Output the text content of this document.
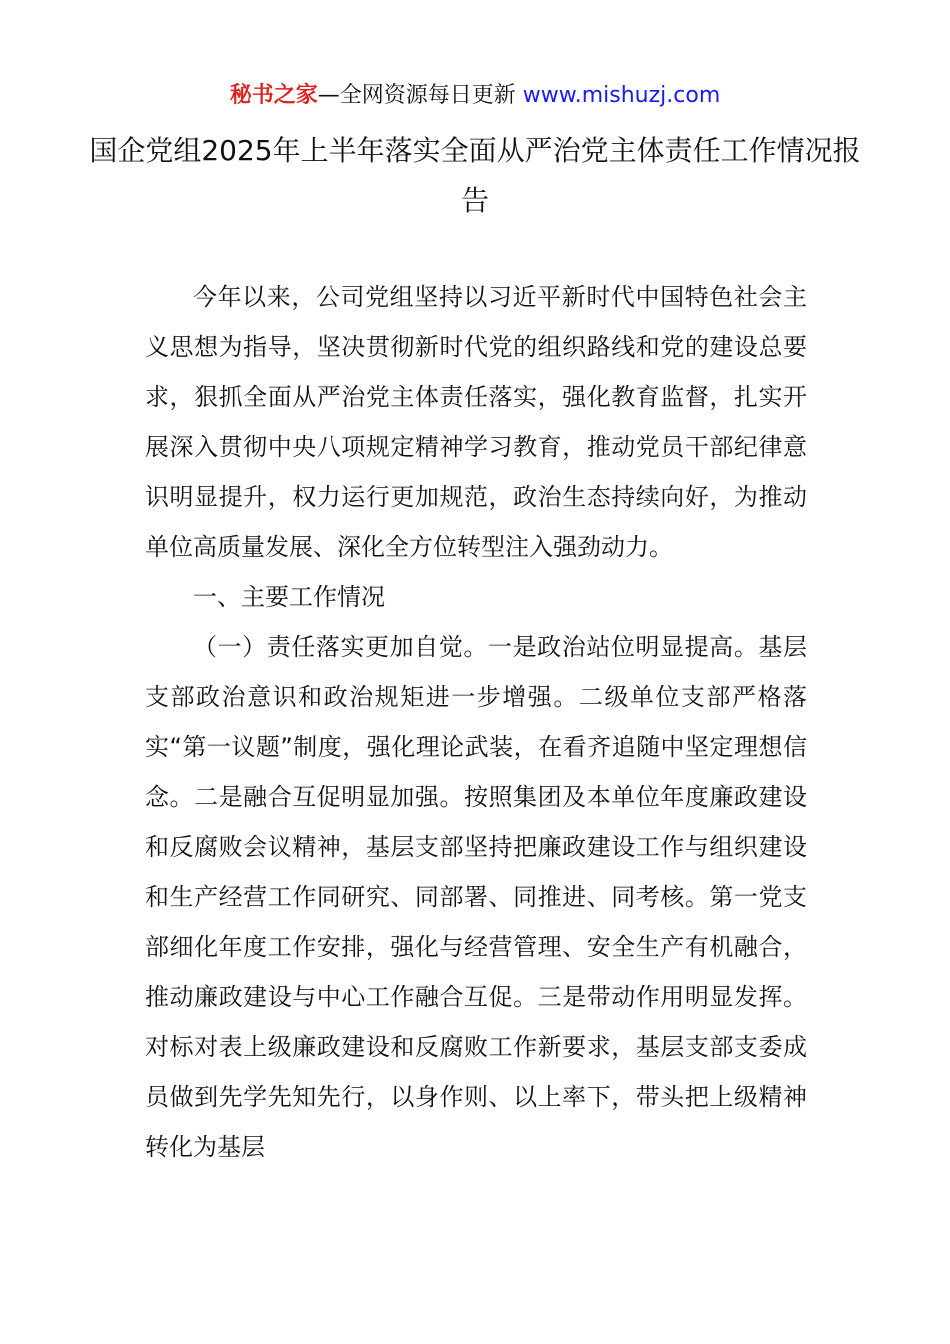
秘书之家—全网资源每日更新 www.mishuzj.com
国企党组2025年上半年落实全面从严治党主体责任工作情况报告

今年以来，公司党组坚持以习近平新时代中国特色社会主义思想为指导，坚决贯彻新时代党的组织路线和党的建设总要求，狠抓全面从严治党主体责任落实，强化教育监督，扎实开展深入贯彻中央八项规定精神学习教育，推动党员干部纪律意识明显提升，权力运行更加规范，政治生态持续向好，为推动单位高质量发展、深化全方位转型注入强劲动力。

一、主要工作情况

（一）责任落实更加自觉。一是政治站位明显提高。基层支部政治意识和政治规矩进一步增强。二级单位支部严格落实“第一议题”制度，强化理论武装，在看齐追随中坚定理想信念。二是融合互促明显加强。按照集团及本单位年度廉政建设和反腐败会议精神，基层支部坚持把廉政建设工作与组织建设和生产经营工作同研究、同部署、同推进、同考核。第一党支部细化年度工作安排，强化与经营管理、安全生产有机融合，推动廉政建设与中心工作融合互促。三是带动作用明显发挥。对标对表上级廉政建设和反腐败工作新要求，基层支部支委成员做到先学先知先行，以身作则、以上率下，带头把上级精神转化为基层
